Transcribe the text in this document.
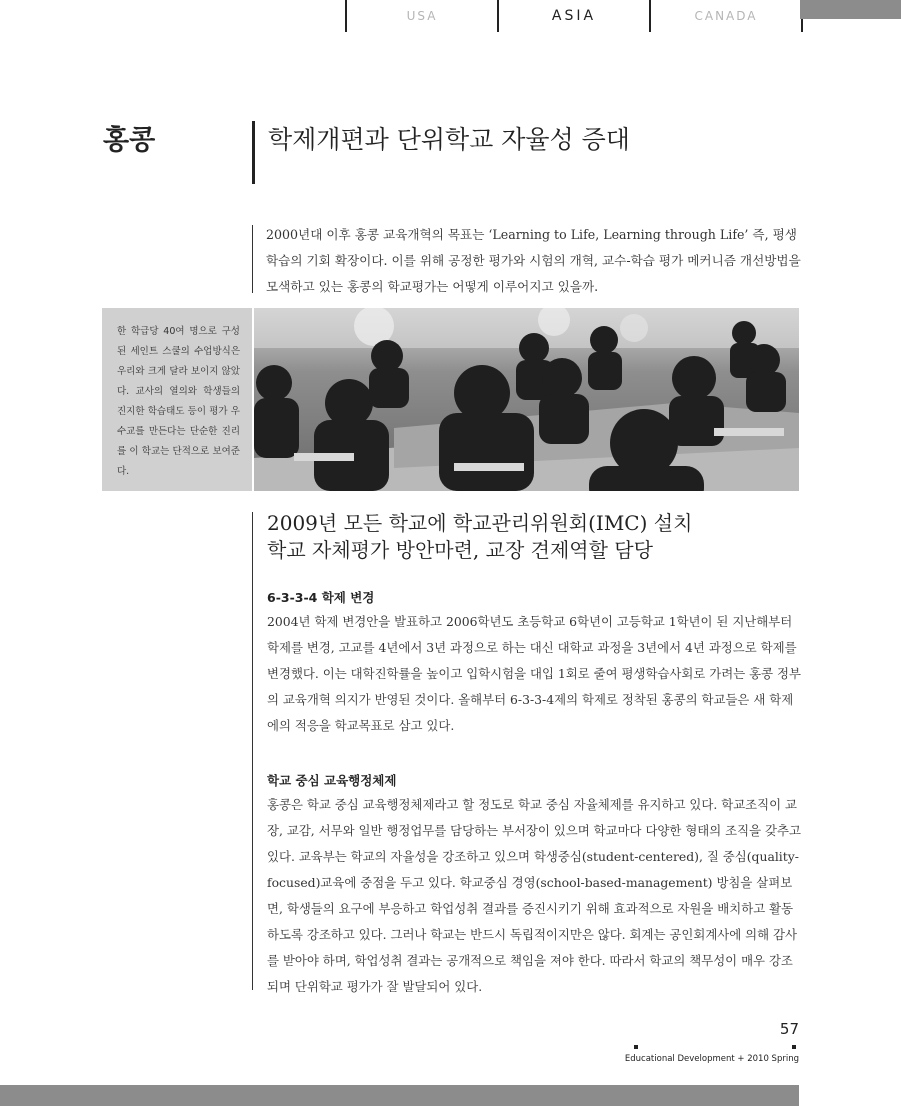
USA	ASIA	CANADA
홍콩	학제개편과 단위학교 자율성 증대

2000년대 이후 홍콩 교육개혁의 목표는 ‘Learning to Life, Learning through Life’ 즉, 평생학습의 기회 확장이다. 이를 위해 공정한 평가와 시험의 개혁, 교수-학습 평가 메커니즘 개선방법을 모색하고 있는 홍콩의 학교평가는 어떻게 이루어지고 있을까.

한 학급당 40여 명으로 구성된 세인트 스쿨의 수업방식은 우리와 크게 달라 보이지 않았다. 교사의 열의와 학생들의 진지한 학습태도 등이 평가 우수교를 만든다는 단순한 진리를 이 학교는 단적으로 보여준다.

2009년 모든 학교에 학교관리위원회(IMC) 설치
학교 자체평가 방안마련, 교장 견제역할 담당
6-3-3-4 학제 변경

2004년 학제 변경안을 발표하고 2006학년도 초등학교 6학년이 고등학교 1학년이 된 지난해부터 학제를 변경, 고교를 4년에서 3년 과정으로 하는 대신 대학교 과정을 3년에서 4년 과정으로 학제를 변경했다. 이는 대학진학률을 높이고 입학시험을 대입 1회로 줄여 평생학습사회로 가려는 홍콩 정부의 교육개혁 의지가 반영된 것이다. 올해부터 6-3-3-4제의 학제로 정착된 홍콩의 학교들은 새 학제에의 적응을 학교목표로 삼고 있다.

학교 중심 교육행정체제

홍콩은 학교 중심 교육행정체제라고 할 정도로 학교 중심 자율체제를 유지하고 있다. 학교조직이 교장, 교감, 서무와 일반 행정업무를 담당하는 부서장이 있으며 학교마다 다양한 형태의 조직을 갖추고 있다. 교육부는 학교의 자율성을 강조하고 있으며 학생중심(student-centered), 질 중심(quality-focused)교육에 중점을 두고 있다. 학교중심 경영(school-based-management) 방침을 살펴보면, 학생들의 요구에 부응하고 학업성취 결과를 증진시키기 위해 효과적으로 자원을 배치하고 활동하도록 강조하고 있다. 그러나 학교는 반드시 독립적이지만은 않다. 회계는 공인회계사에 의해 감사를 받아야 하며, 학업성취 결과는 공개적으로 책임을 져야 한다. 따라서 학교의 책무성이 매우 강조되며 단위학교 평가가 잘 발달되어 있다.

57
Educational Development + 2010 Spring
